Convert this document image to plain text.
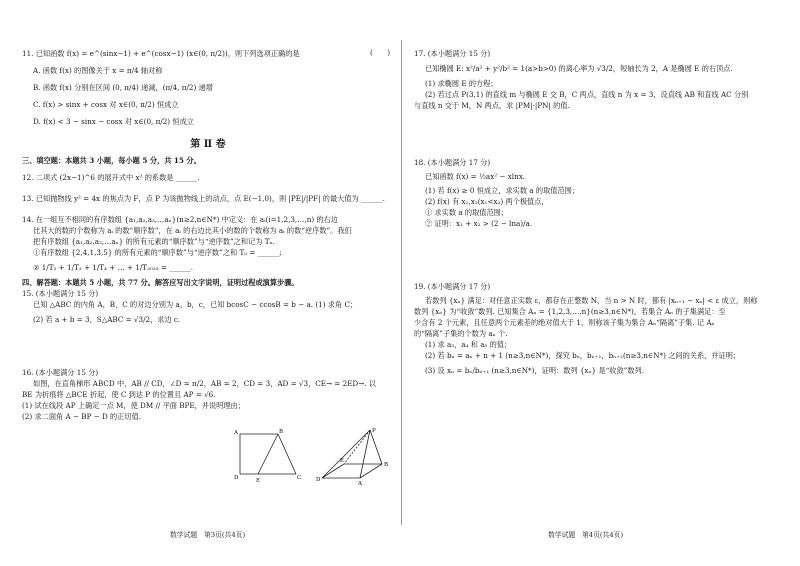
11. 已知函数 f(x) = e^(sinx−1) + e^(cosx−1) (x∈(0, π/2))，则下列选项正确的是	(　　)

A. 函数 f(x) 的图像关于 x = π/4 轴对称

B. 函数 f(x) 分别在区间 (0, π/4) 递减，(π/4, π/2) 递增

C. f(x) > sinx + cosx 对 x∈(0, π/2) 恒成立

D. f(x) < 3 − sinx − cosx 对 x∈(0, π/2) 恒成立

第 Ⅱ 卷

三、填空题：本题共 3 小题，每小题 5 分，共 15 分。

12. 二项式 (2x−1)^6 的展开式中 x² 的系数是 ______.

13. 已知抛物线 y² = 4x 的焦点为 F，点 P 为该抛物线上的动点，点 E(−1,0)，则 |PE|/|PF| 的最大值为 ______.

14. 在一组互不相同的有序数组 {a₁,a₂,a₃,…aₙ}(n≥2,n∈N*) 中定义：在 aᵢ(i=1,2,3,…,n) 的右边

比其大的数的个数称为 aᵢ 的数“顺序数”，在 aᵢ 的右边比其小的数的个数称为 aᵢ 的数“逆序数”。我们

把有序数组 {a₁,a₂,a₃,…aₙ} 的所有元素的“顺序数”与“逆序数”之和记为 Tₙ.

①有序数组 {2,4,1,3,5} 的所有元素的“顺序数”与“逆序数”之和 T₅ = ______;

② 1/T₂ + 1/T₃ + 1/T₄ + … + 1/T₂₀₂₅ = ______.

四、解答题：本题共 5 小题，共 77 分。解答应写出文字说明，证明过程或演算步骤。

15. (本小题满分 15 分)

已知 △ABC 的内角 A，B，C 的对边分别为 a，b，c，已知 bcosC − ccosB = b − a. (1) 求角 C；

(2) 若 a + b = 3，S△ABC = √3/2，求边 c.

16. (本小题满分 15 分)

如图，在直角梯形 ABCD 中，AB // CD，∠D = π/2，AB = 2，CD = 3，AD = √3，CE→ = 2ED→. 以

BE 为折痕将 △BCE 折起，使 C 到达 P 的位置且 AP = √6.

(1) 试在线段 AP 上确定一点 M，使 DM // 平面 BPE，并说明理由；

(2) 求二面角 A − BP − D 的正切值.

A	B
C
D	E
P
B
E
D
A

17. (本小题满分 15 分)

已知椭圆 E: x²/a² + y²/b² = 1(a>b>0) 的离心率为 √3/2，短轴长为 2，A 是椭圆 E 的右顶点.

(1) 求椭圆 E 的方程；

(2) 若过点 P(3,1) 的直线 m 与椭圆 E 交 B，C 两点，直线 n 为 x = 3，设直线 AB 和直线 AC 分别

与直线 n 交于 M，N 两点，求 |PM|·|PN| 的值.

18. (本小题满分 17 分)

已知函数 f(x) = ½ax² − xlnx.

(1) 若 f(x) ≥ 0 恒成立，求实数 a 的取值范围；

(2) f(x) 有 x₁,x₂(x₁<x₂) 两个极值点，

① 求实数 a 的取值范围；

② 证明：x₁ + x₂ > (2 − lna)/a.

19. (本小题满分 17 分)

若数列 {xₙ} 满足：对任意正实数 ε，都存在正整数 N，当 n > N 时，都有 |xₙ₊₁ − xₙ| < ε 成立，则称

数列 {xₙ} 为“收敛”数列. 已知集合 Aₙ = {1,2,3,…,n}(n≥3,n∈N*)，若集合 Aₙ 的子集满足：至

少含有 2 个元素，且任意两个元素差的绝对值大于 1，则称该子集为集合 Aₙ“隔离”子集. 记 Aₙ

的“隔离”子集的个数为 aₙ 个.

(1) 求 a₃，a₄ 和 a₅ 的值；

(2) 若 bₙ = aₙ + n + 1 (n≥3,n∈N*)，探究 bₙ，bₙ₊₁，bₙ₊₂(n≥3,n∈N*) 之间的关系，并证明；

(3) 设 xₙ = bₙ/bₙ₊₁ (n≥3,n∈N*)，证明：数列 {xₙ} 是“收敛”数列.

数学试题　第3页(共4页)	数学试题　第4页(共4页)
